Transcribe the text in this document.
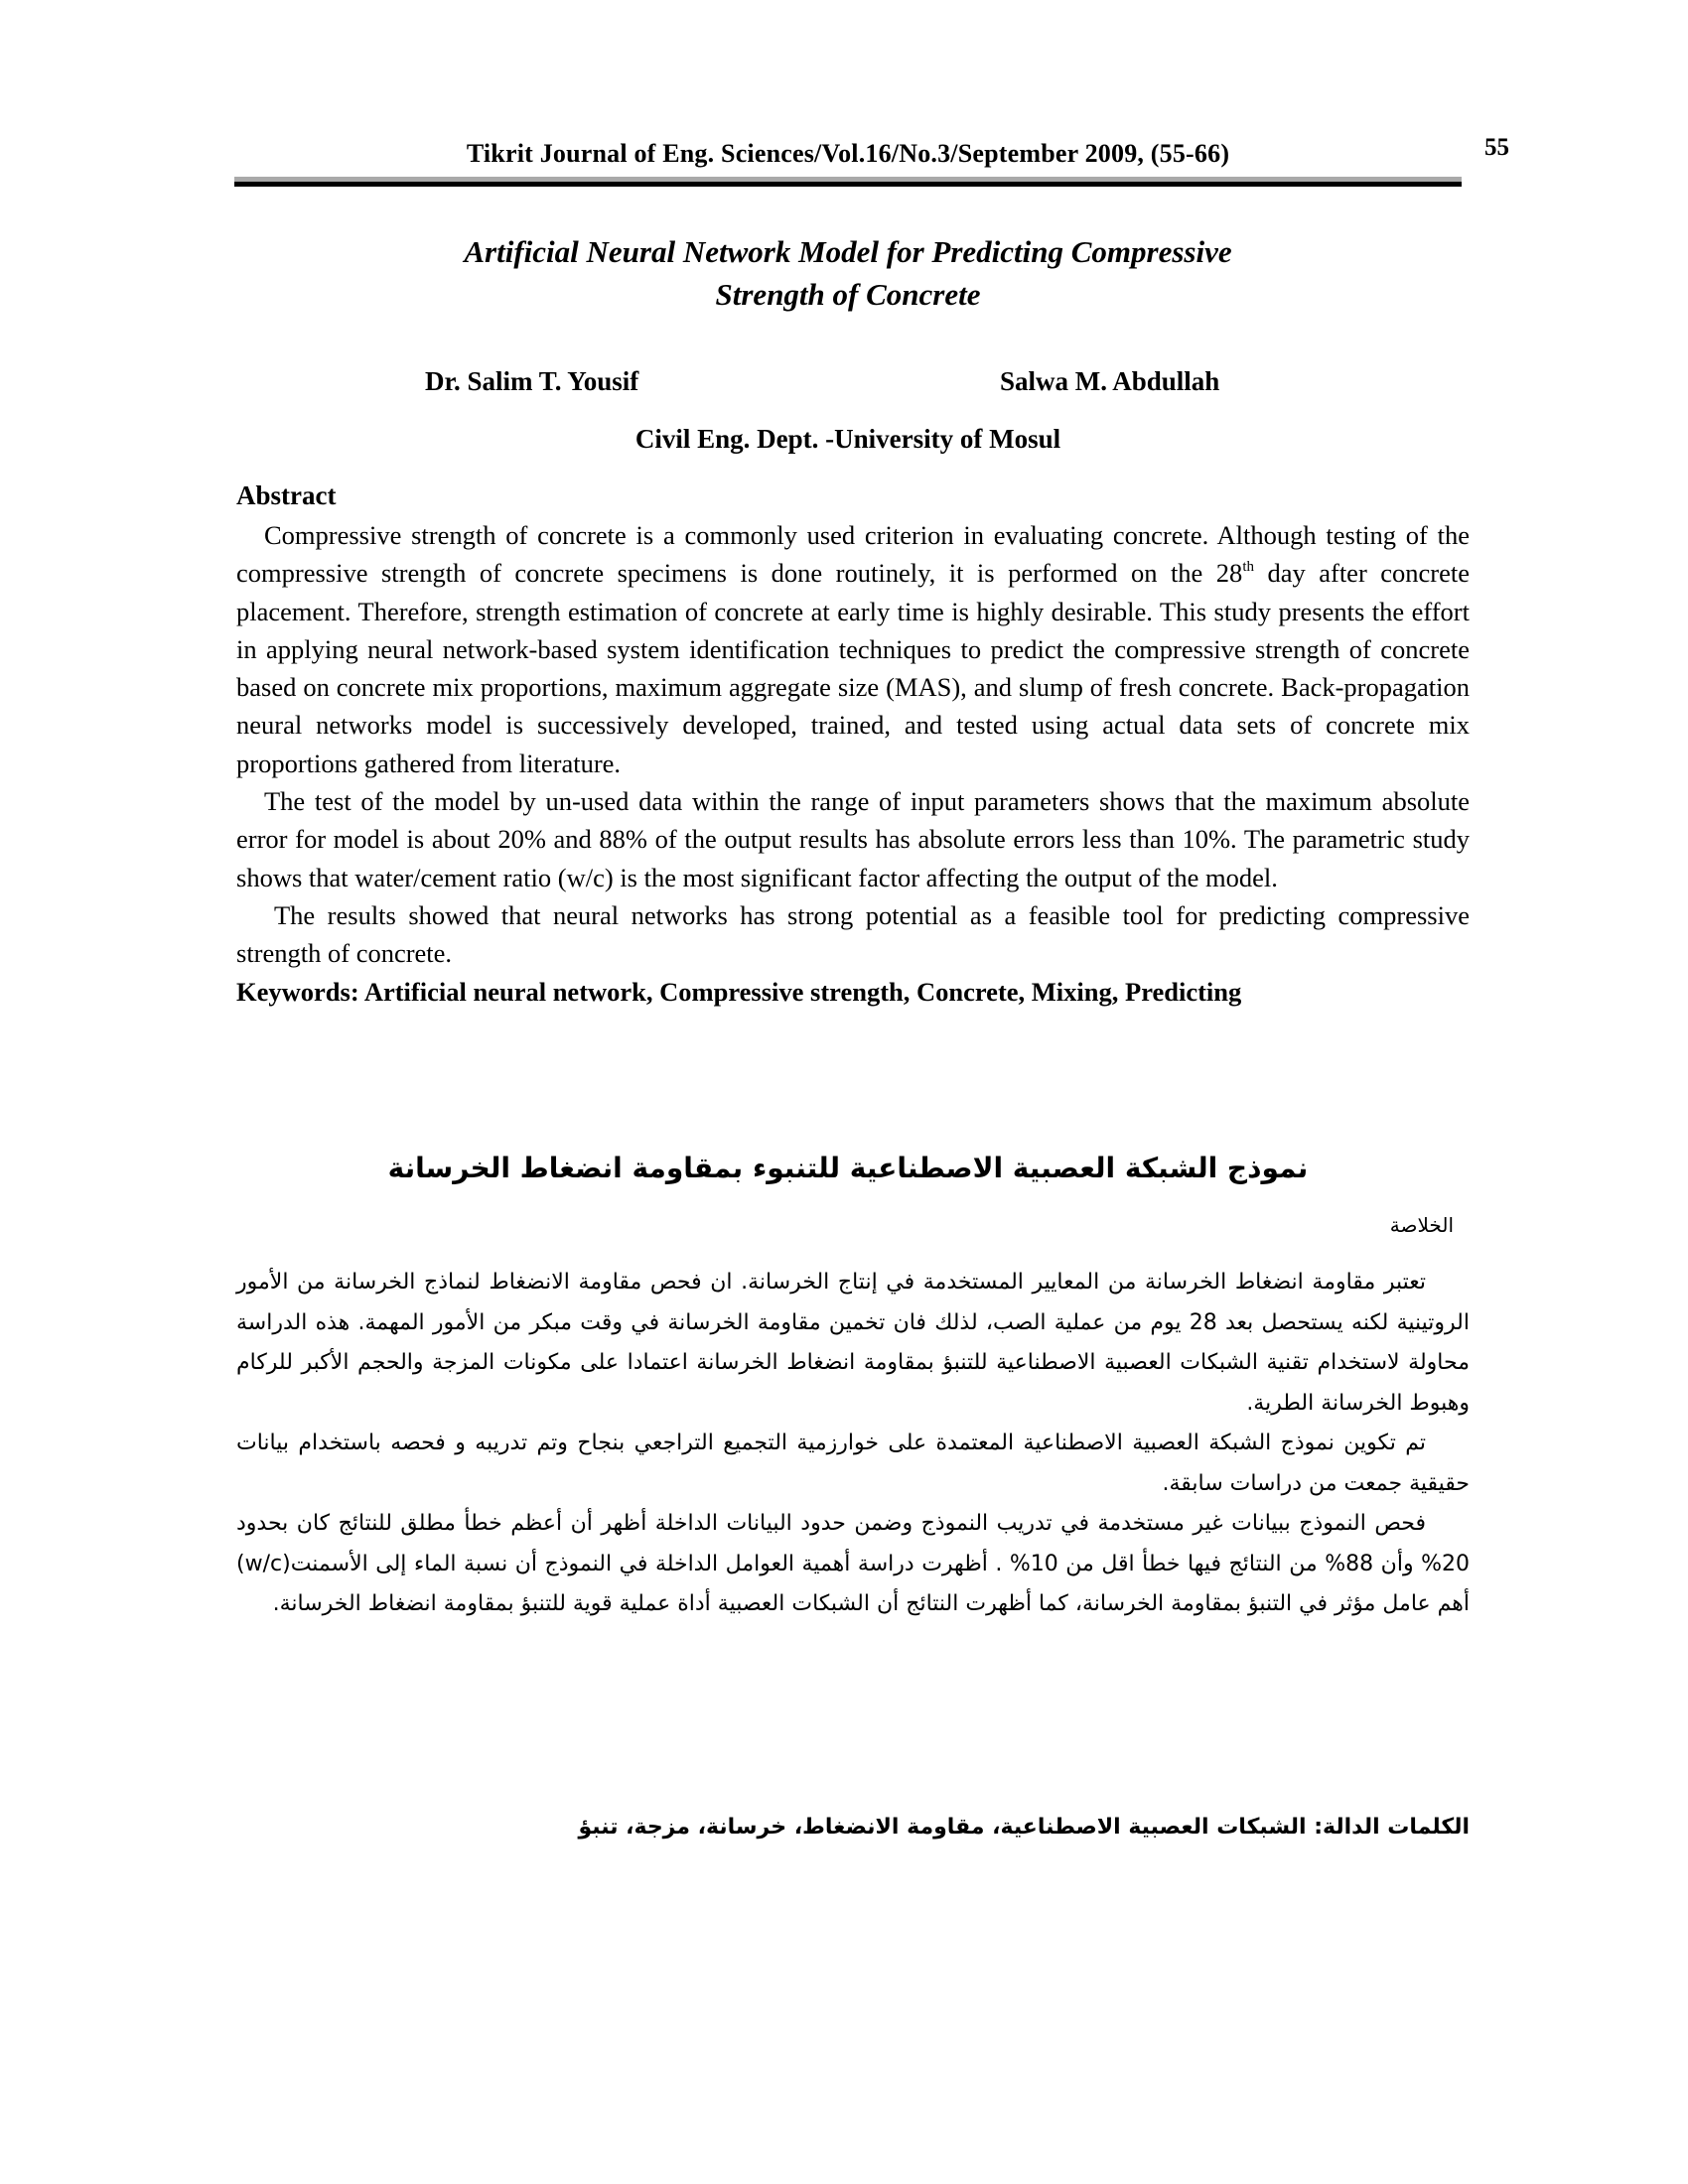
Tikrit Journal of Eng. Sciences/Vol.16/No.3/September 2009, (55-66)	55
Artificial Neural Network Model for Predicting Compressive
Strength of Concrete
Dr. Salim T. Yousif	Salwa M. Abdullah
Civil Eng. Dept. -University of Mosul
Abstract

Compressive strength of concrete is a commonly used criterion in evaluating concrete. Although testing of the compressive strength of concrete specimens is done routinely, it is performed on the 28th day after concrete placement. Therefore, strength estimation of concrete at early time is highly desirable. This study presents the effort in applying neural network-based system identification techniques to predict the compressive strength of concrete based on concrete mix proportions, maximum aggregate size (MAS), and slump of fresh concrete. Back-propagation neural networks model is successively developed, trained, and tested using actual data sets of concrete mix proportions gathered from literature.

The test of the model by un-used data within the range of input parameters shows that the maximum absolute error for model is about 20% and 88% of the output results has absolute errors less than 10%. The parametric study shows that water/cement ratio (w/c) is the most significant factor affecting the output of the model.

The results showed that neural networks has strong potential as a feasible tool for predicting compressive strength of concrete.

Keywords: Artificial neural network, Compressive strength, Concrete, Mixing, Predicting

نموذج الشبكة العصبية الاصطناعية للتنبوء بمقاومة انضغاط الخرسانة
الخلاصة

تعتبر مقاومة انضغاط الخرسانة من المعايير المستخدمة في إنتاج الخرسانة. ان فحص مقاومة الانضغاط لنماذج الخرسانة من الأمور الروتينية لكنه يستحصل بعد 28 يوم من عملية الصب، لذلك فان تخمين مقاومة الخرسانة في وقت مبكر من الأمور المهمة. هذه الدراسة محاولة لاستخدام تقنية الشبكات العصبية الاصطناعية للتنبؤ بمقاومة انضغاط الخرسانة اعتمادا على مكونات المزجة والحجم الأكبر للركام وهبوط الخرسانة الطرية.

تم تكوين نموذج الشبكة العصبية الاصطناعية المعتمدة على خوارزمية التجميع التراجعي بنجاح وتم تدريبه و فحصه باستخدام بيانات حقيقية جمعت من دراسات سابقة.

فحص النموذج ببيانات غير مستخدمة في تدريب النموذج وضمن حدود البيانات الداخلة أظهر أن أعظم خطأ مطلق للنتائج كان بحدود 20% وأن 88% من النتائج فيها خطأ اقل من 10% . أظهرت دراسة أهمية العوامل الداخلة في النموذج أن نسبة الماء إلى الأسمنت(w/c) أهم عامل مؤثر في التنبؤ بمقاومة الخرسانة، كما أظهرت النتائج أن الشبكات العصبية أداة عملية قوية للتنبؤ بمقاومة انضغاط الخرسانة.

الكلمات الدالة: الشبكات العصبية الاصطناعية، مقاومة الانضغاط، خرسانة، مزجة، تنبؤ
